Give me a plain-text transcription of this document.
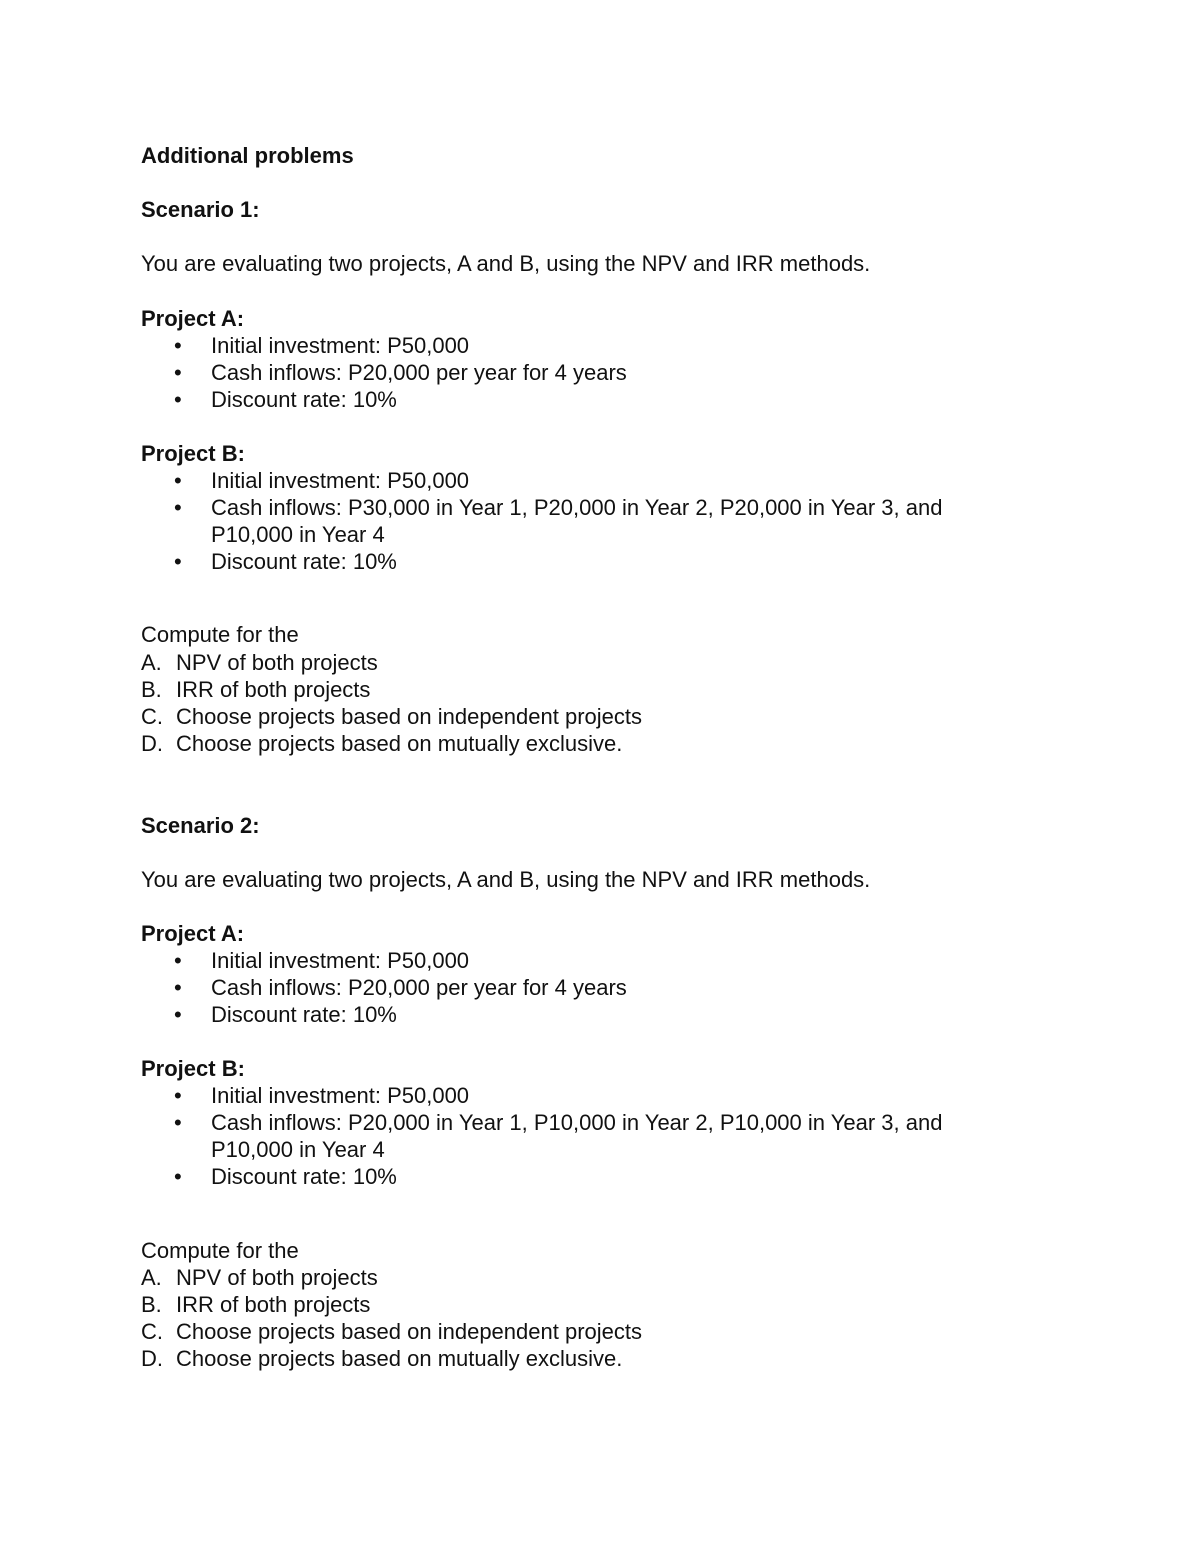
Additional problems
Scenario 1:
You are evaluating two projects, A and B, using the NPV and IRR methods.
Project A:
• Initial investment: P50,000
• Cash inflows: P20,000 per year for 4 years
• Discount rate: 10%
Project B:
• Initial investment: P50,000
• Cash inflows: P30,000 in Year 1, P20,000 in Year 2, P20,000 in Year 3, and
P10,000 in Year 4
• Discount rate: 10%
Compute for the
A. NPV of both projects
B. IRR of both projects
C. Choose projects based on independent projects
D. Choose projects based on mutually exclusive.
Scenario 2:
You are evaluating two projects, A and B, using the NPV and IRR methods.
Project A:
• Initial investment: P50,000
• Cash inflows: P20,000 per year for 4 years
• Discount rate: 10%
Project B:
• Initial investment: P50,000
• Cash inflows: P20,000 in Year 1, P10,000 in Year 2, P10,000 in Year 3, and
P10,000 in Year 4
• Discount rate: 10%
Compute for the
A. NPV of both projects
B. IRR of both projects
C. Choose projects based on independent projects
D. Choose projects based on mutually exclusive.
